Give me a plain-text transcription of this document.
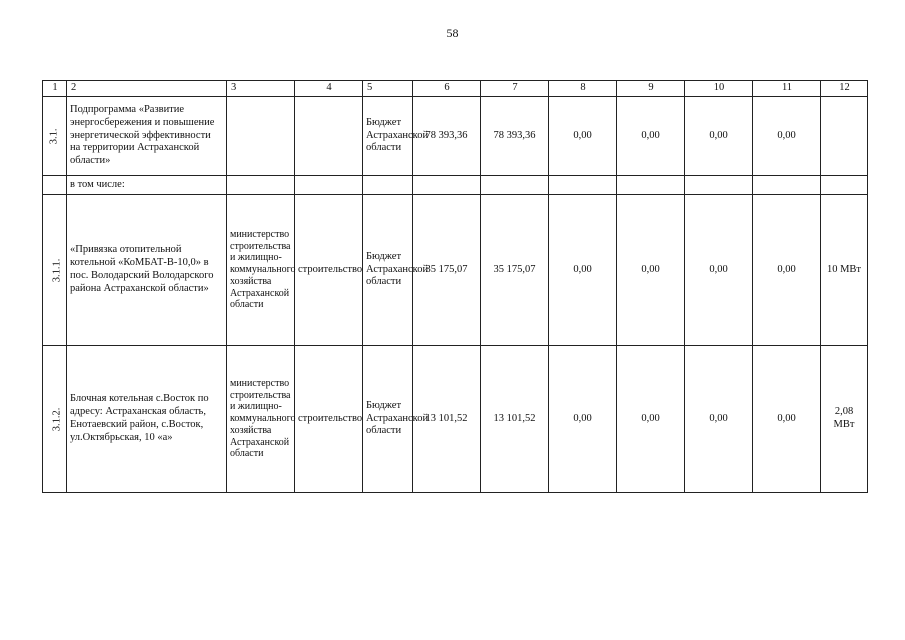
58
1	2	3	4	5	6	7	8	9	10	11	12
3.1.	Подпрограмма «Развитие энергосбережения и повышение энергетической эффективности на территории Астраханской области»			Бюджет Астраханской области	78 393,36	78 393,36	0,00	0,00	0,00	0,00	
	в том числе:										
3.1.1.	«Привязка отопительной котельной «КоМБАТ-В-10,0» в пос. Володарский Володарского района Астраханской области»	министерство строительства и жилищно-коммунального хозяйства Астраханской области	строительство	Бюджет Астраханской области	35 175,07	35 175,07	0,00	0,00	0,00	0,00	10 МВт
3.1.2.	Блочная котельная с.Восток по адресу: Астраханская область, Енотаевский район, с.Восток, ул.Октябрьская, 10 «а»	министерство строительства и жилищно-коммунального хозяйства Астраханской области	строительство	Бюджет Астраханской области	13 101,52	13 101,52	0,00	0,00	0,00	0,00	2,08 МВт
